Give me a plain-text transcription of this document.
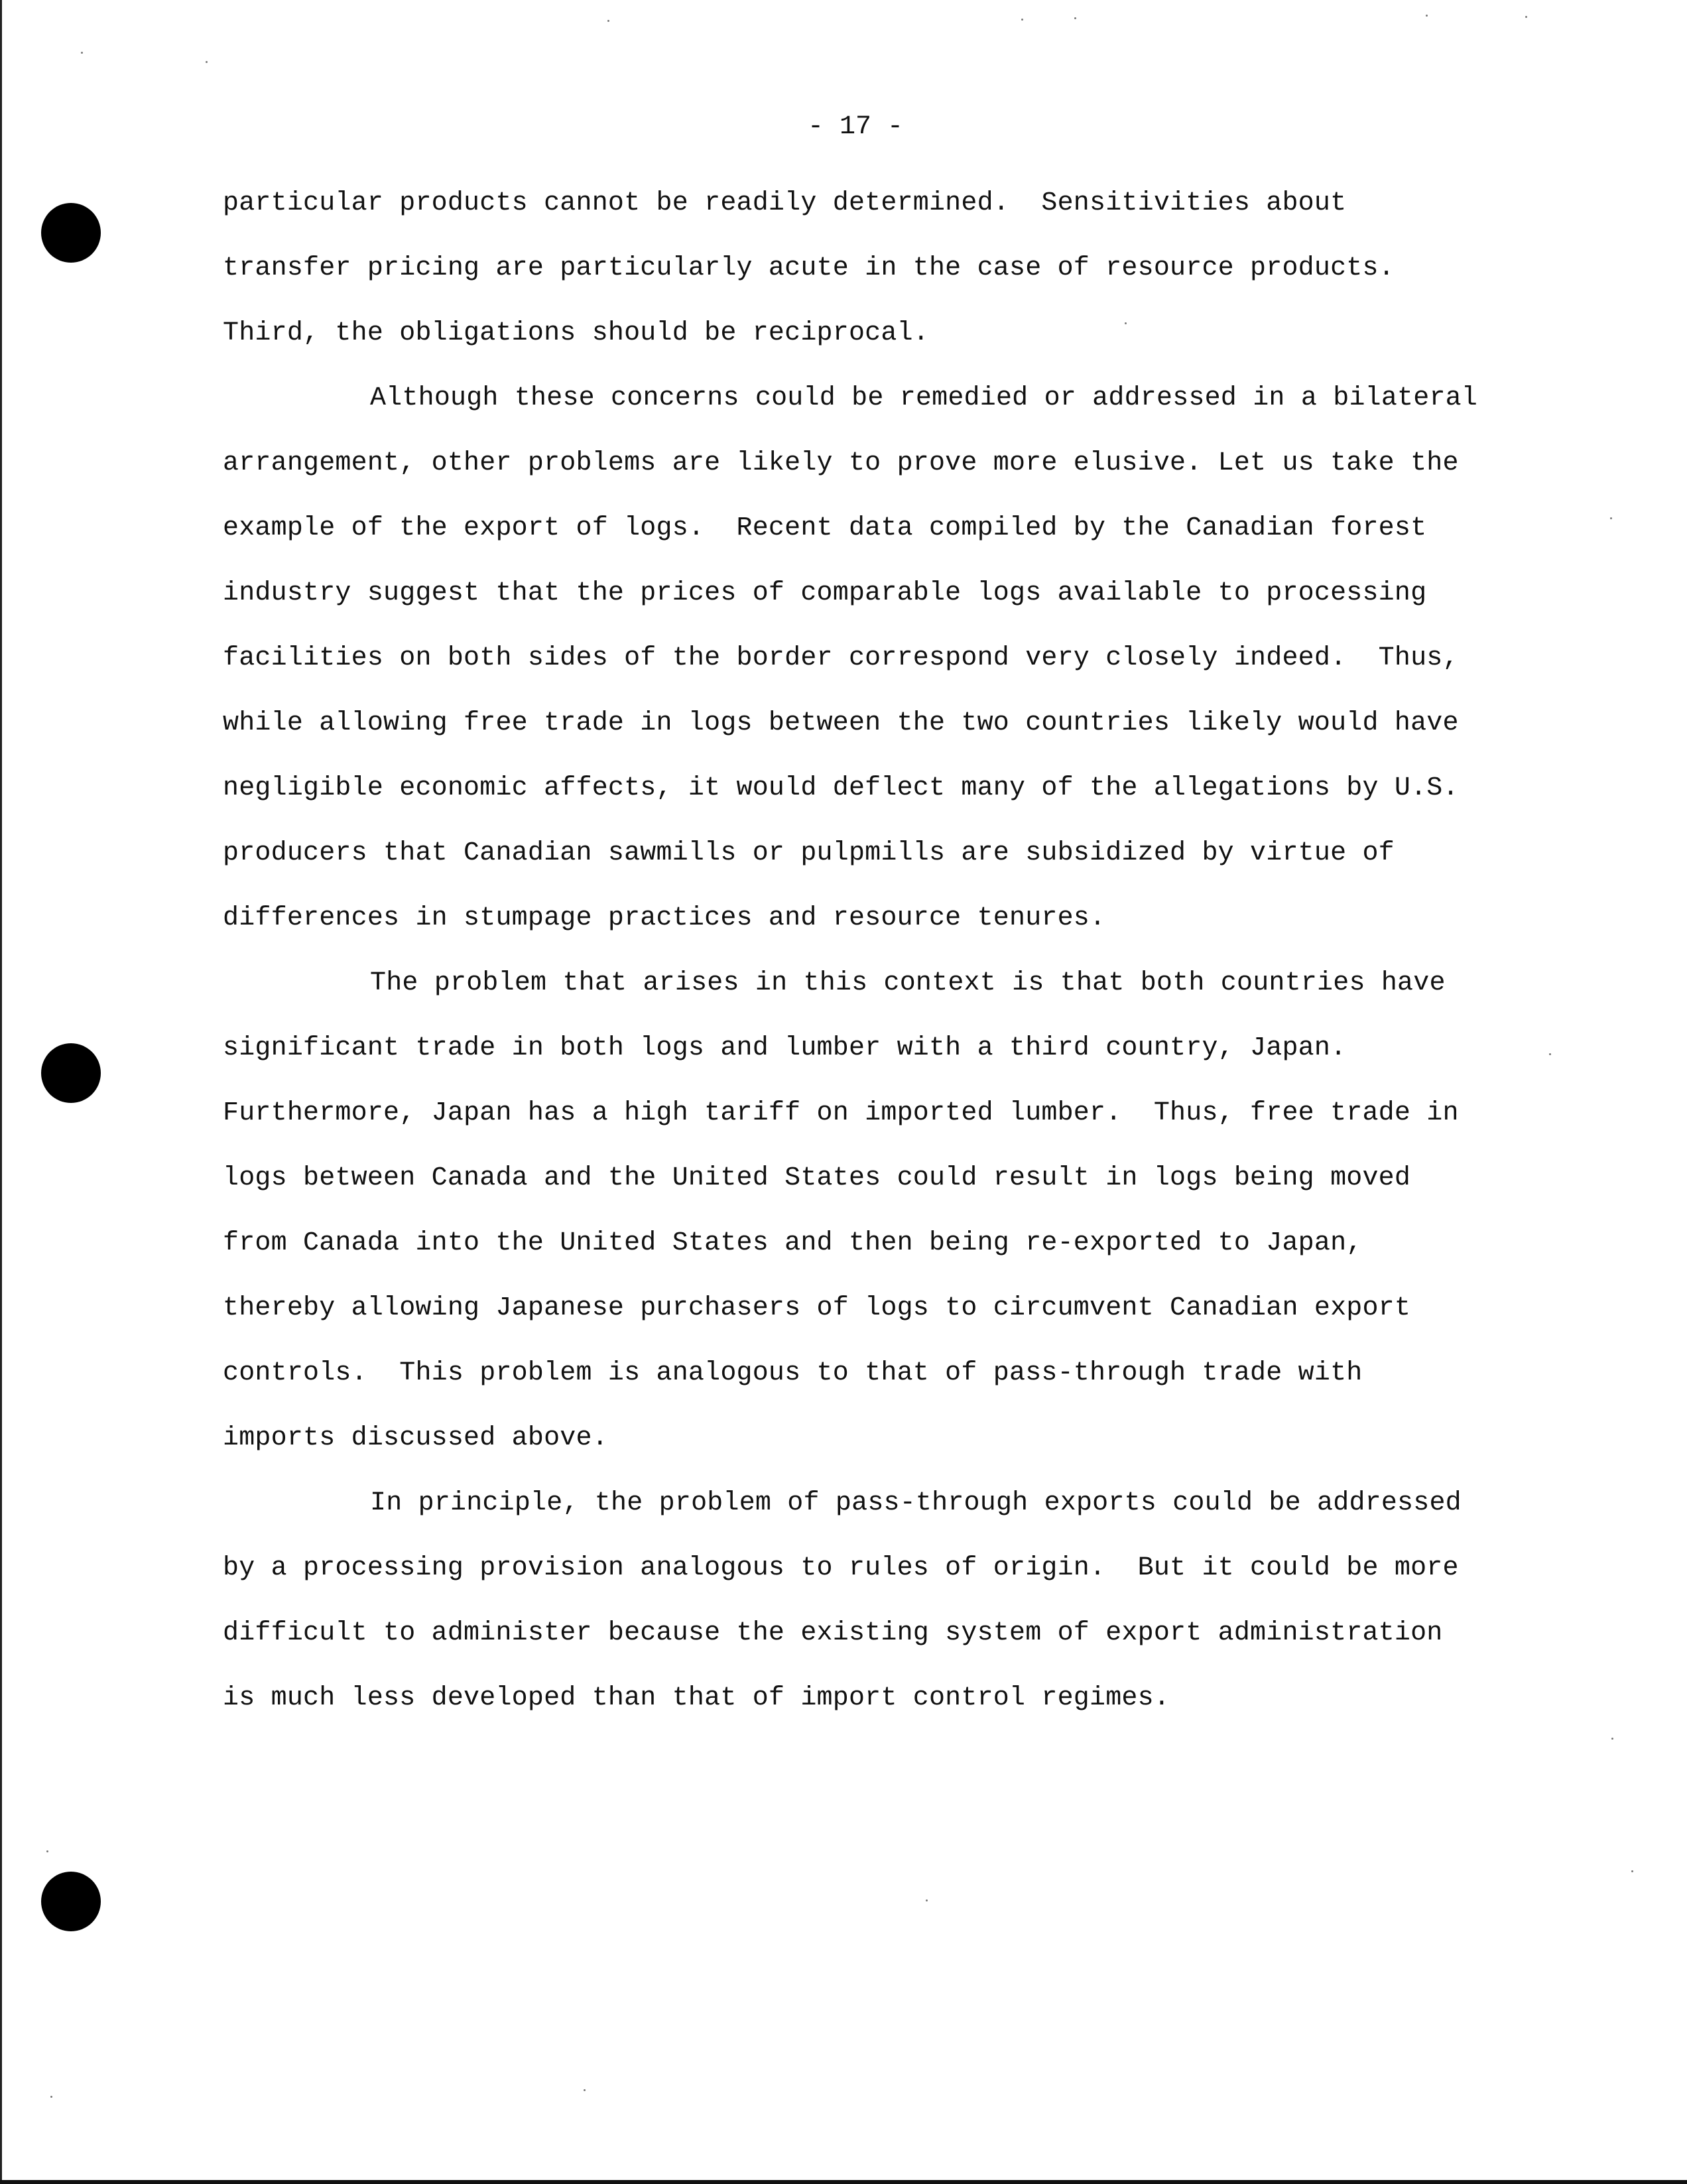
- 17 -

particular products cannot be readily determined.  Sensitivities about
transfer pricing are particularly acute in the case of resource products.
Third, the obligations should be reciprocal.

Although these concerns could be remedied or addressed in a bilateral
arrangement, other problems are likely to prove more elusive. Let us take the
example of the export of logs.  Recent data compiled by the Canadian forest
industry suggest that the prices of comparable logs available to processing
facilities on both sides of the border correspond very closely indeed.  Thus,
while allowing free trade in logs between the two countries likely would have
negligible economic affects, it would deflect many of the allegations by U.S.
producers that Canadian sawmills or pulpmills are subsidized by virtue of
differences in stumpage practices and resource tenures.

The problem that arises in this context is that both countries have
significant trade in both logs and lumber with a third country, Japan.
Furthermore, Japan has a high tariff on imported lumber.  Thus, free trade in
logs between Canada and the United States could result in logs being moved
from Canada into the United States and then being re-exported to Japan,
thereby allowing Japanese purchasers of logs to circumvent Canadian export
controls.  This problem is analogous to that of pass-through trade with
imports discussed above.

In principle, the problem of pass-through exports could be addressed
by a processing provision analogous to rules of origin.  But it could be more
difficult to administer because the existing system of export administration
is much less developed than that of import control regimes.
